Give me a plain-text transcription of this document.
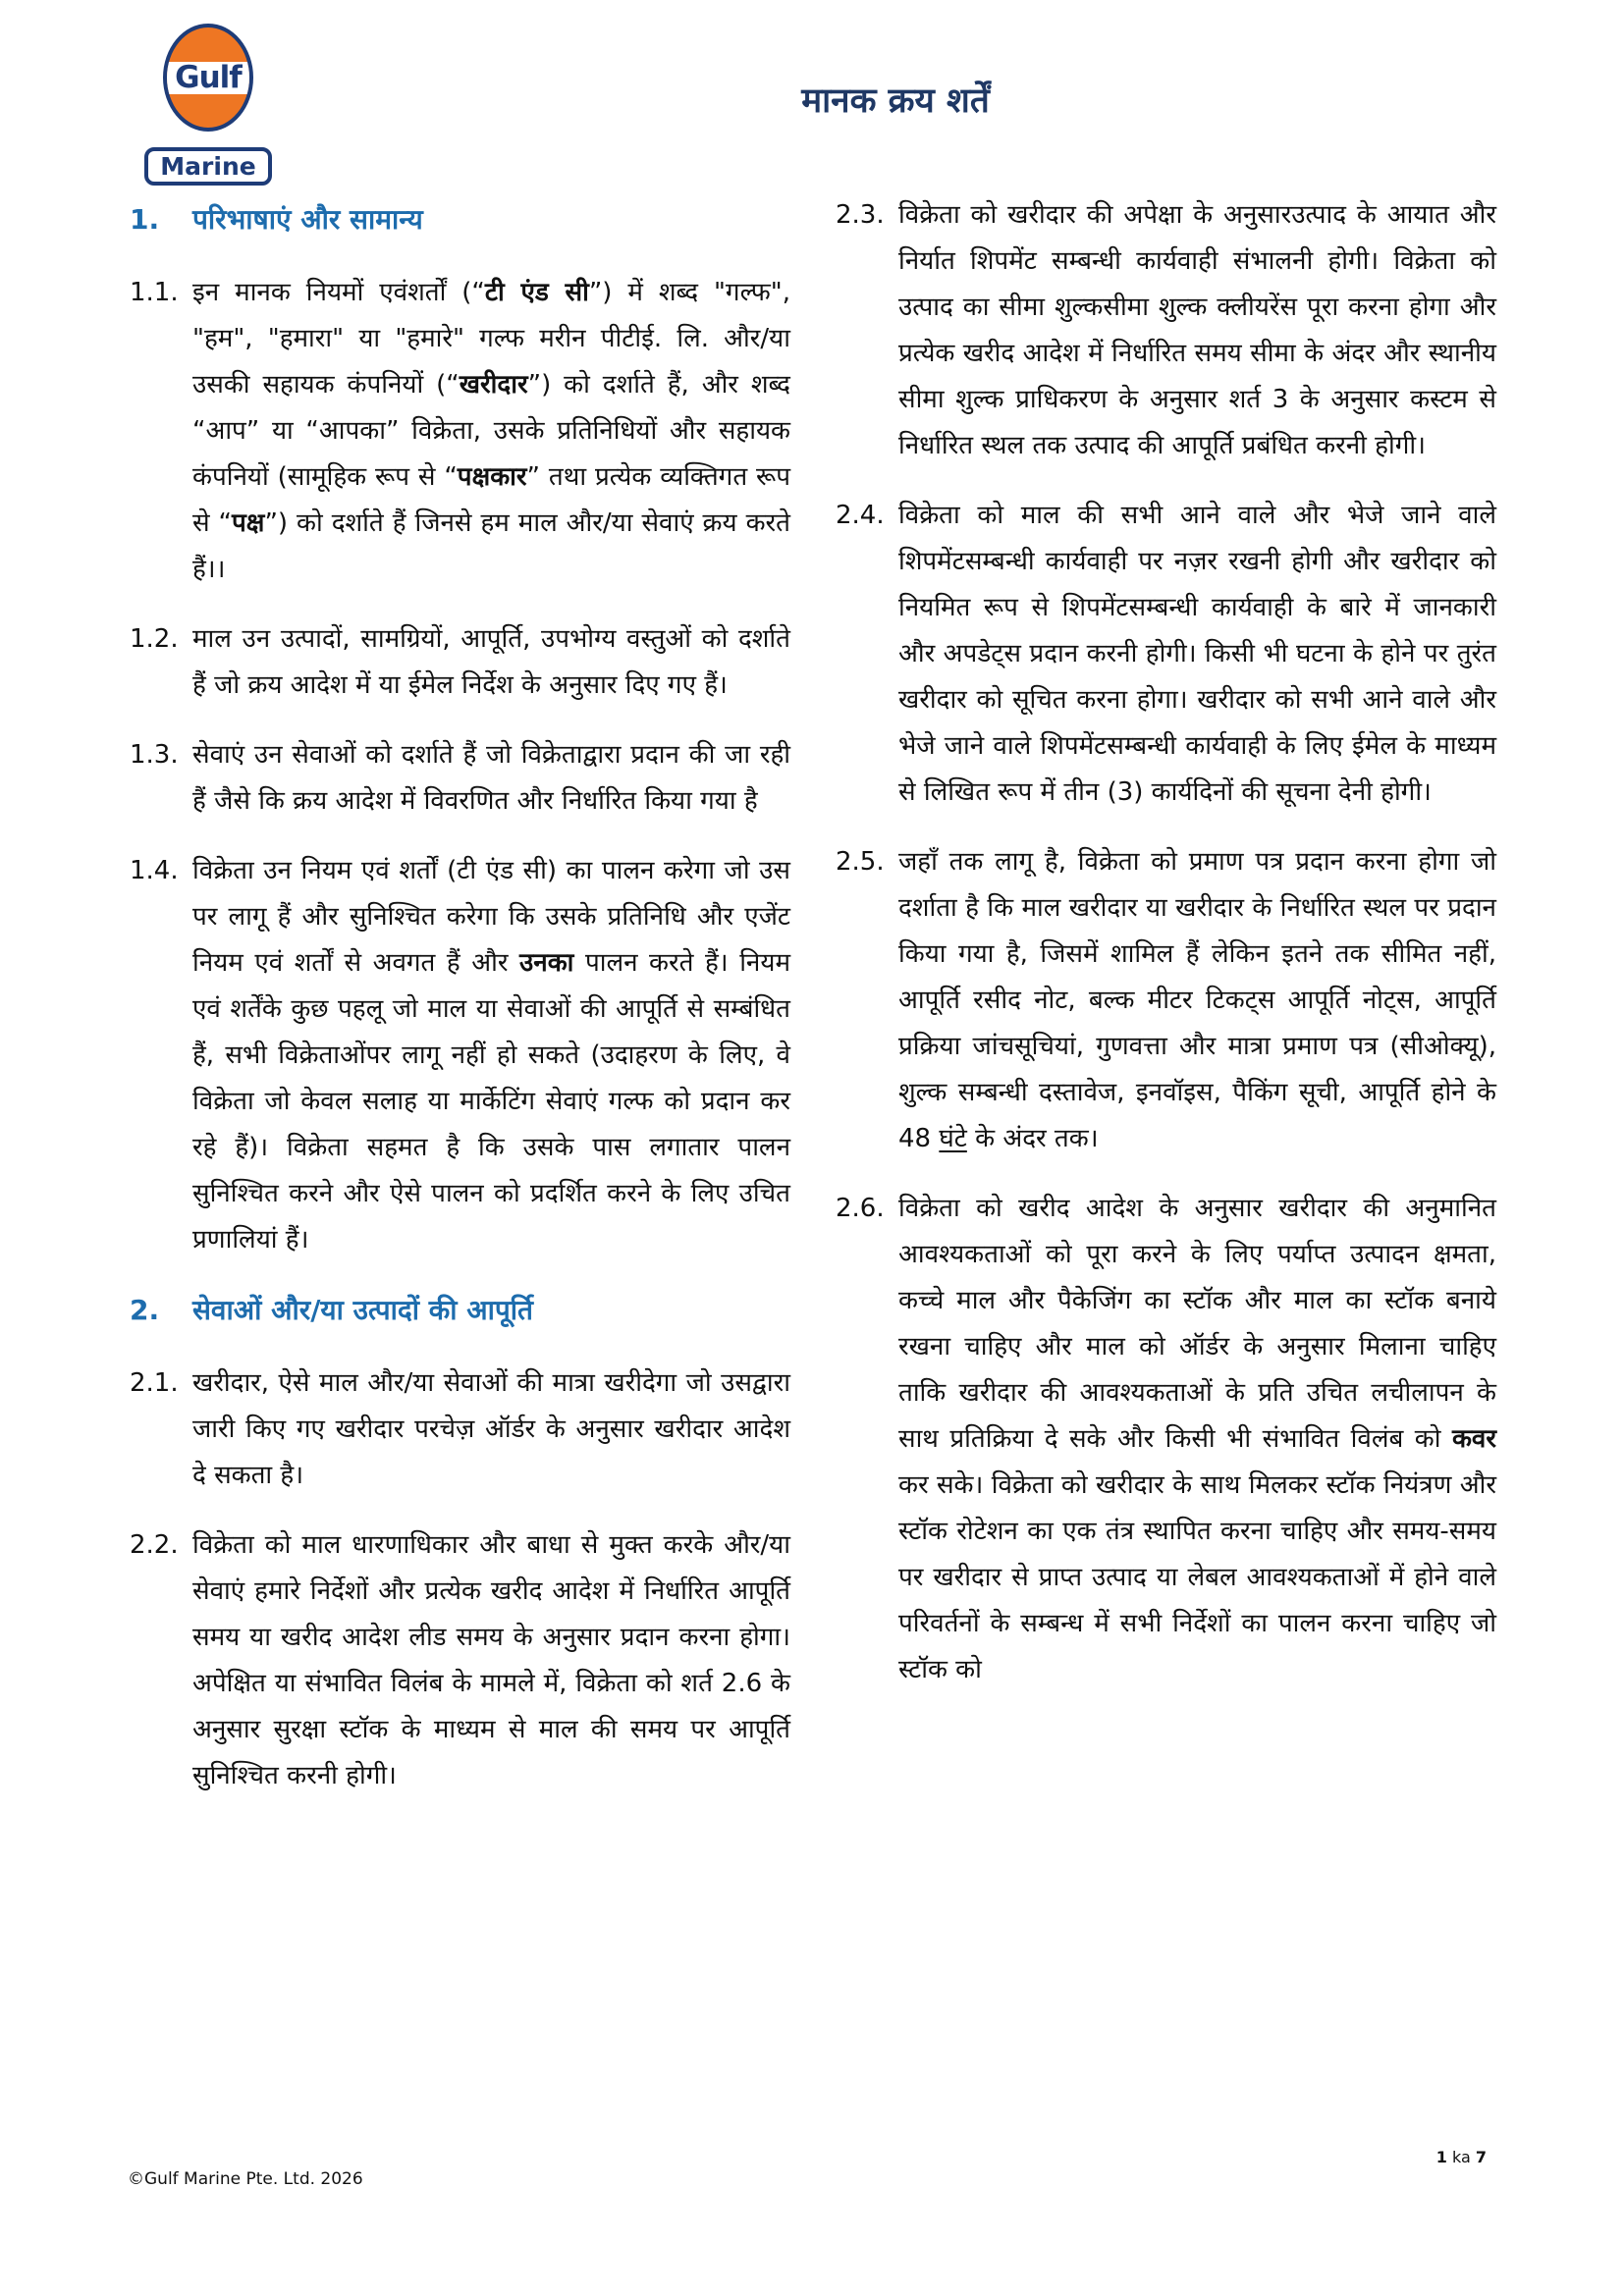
Gulf
Marine
मानक क्रय शर्तें
1.	परिभाषाएं और सामान्य

1.1. इन मानक नियमों एवंशर्तों (“टी एंड सी”) में शब्द "गल्फ", "हम", "हमारा" या "हमारे" गल्फ मरीन पीटीई. लि. और/या उसकी सहायक कंपनियों (“खरीदार”) को दर्शाते हैं, और शब्द “आप” या “आपका” विक्रेता, उसके प्रतिनिधियों और सहायक कंपनियों (सामूहिक रूप से “पक्षकार” तथा प्रत्येक व्यक्तिगत रूप से “पक्ष”) को दर्शाते हैं जिनसे हम माल और/या सेवाएं क्रय करते हैं।।

1.2. माल उन उत्पादों, सामग्रियों, आपूर्ति, उपभोग्य वस्तुओं को दर्शाते हैं जो क्रय आदेश में या ईमेल निर्देश के अनुसार दिए गए हैं।

1.3. सेवाएं उन सेवाओं को दर्शाते हैं जो विक्रेताद्वारा प्रदान की जा रही हैं जैसे कि क्रय आदेश में विवरणित और निर्धारित किया गया है

1.4. विक्रेता उन नियम एवं शर्तों (टी एंड सी) का पालन करेगा जो उस पर लागू हैं और सुनिश्चित करेगा कि उसके प्रतिनिधि और एजेंट नियम एवं शर्तों से अवगत हैं और उनका पालन करते हैं। नियम एवं शर्तेंके कुछ पहलू जो माल या सेवाओं की आपूर्ति से सम्बंधित हैं, सभी विक्रेताओंपर लागू नहीं हो सकते (उदाहरण के लिए, वे विक्रेता जो केवल सलाह या मार्केटिंग सेवाएं गल्फ को प्रदान कर रहे हैं)। विक्रेता सहमत है कि उसके पास लगातार पालन सुनिश्चित करने और ऐसे पालन को प्रदर्शित करने के लिए उचित प्रणालियां हैं।

2.	सेवाओं और/या उत्पादों की आपूर्ति

2.1. खरीदार, ऐसे माल और/या सेवाओं की मात्रा खरीदेगा जो उसद्वारा जारी किए गए खरीदार परचेज़ ऑर्डर के अनुसार खरीदार आदेश दे सकता है।

2.2. विक्रेता को माल धारणाधिकार और बाधा से मुक्त करके और/या सेवाएं हमारे निर्देशों और प्रत्येक खरीद आदेश में निर्धारित आपूर्ति समय या खरीद आदेश लीड समय के अनुसार प्रदान करना होगा। अपेक्षित या संभावित विलंब के मामले में, विक्रेता को शर्त 2.6 के अनुसार सुरक्षा स्टॉक के माध्यम से माल की समय पर आपूर्ति सुनिश्चित करनी होगी।

2.3. विक्रेता को खरीदार की अपेक्षा के अनुसारउत्पाद के आयात और निर्यात शिपमेंट सम्बन्धी कार्यवाही संभालनी होगी। विक्रेता को उत्पाद का सीमा शुल्कसीमा शुल्क क्लीयरेंस पूरा करना होगा और प्रत्येक खरीद आदेश में निर्धारित समय सीमा के अंदर और स्थानीय सीमा शुल्क प्राधिकरण के अनुसार शर्त 3 के अनुसार कस्टम से निर्धारित स्थल तक उत्पाद की आपूर्ति प्रबंधित करनी होगी।

2.4. विक्रेता को माल की सभी आने वाले और भेजे जाने वाले शिपमेंटसम्बन्धी कार्यवाही पर नज़र रखनी होगी और खरीदार को नियमित रूप से शिपमेंटसम्बन्धी कार्यवाही के बारे में जानकारी और अपडेट्स प्रदान करनी होगी। किसी भी घटना के होने पर तुरंत खरीदार को सूचित करना होगा। खरीदार को सभी आने वाले और भेजे जाने वाले शिपमेंटसम्बन्धी कार्यवाही के लिए ईमेल के माध्यम से लिखित रूप में तीन (3) कार्यदिनों की सूचना देनी होगी।

2.5. जहाँ तक लागू है, विक्रेता को प्रमाण पत्र प्रदान करना होगा जो दर्शाता है कि माल खरीदार या खरीदार के निर्धारित स्थल पर प्रदान किया गया है, जिसमें शामिल हैं लेकिन इतने तक सीमित नहीं, आपूर्ति रसीद नोट, बल्क मीटर टिकट्स आपूर्ति नोट्स, आपूर्ति प्रक्रिया जांचसूचियां, गुणवत्ता और मात्रा प्रमाण पत्र (सीओक्यू), शुल्क सम्बन्धी दस्तावेज, इनवॉइस, पैकिंग सूची, आपूर्ति होने के 48 घंटे के अंदर तक।

2.6. विक्रेता को खरीद आदेश के अनुसार खरीदार की अनुमानित आवश्यकताओं को पूरा करने के लिए पर्याप्त उत्पादन क्षमता, कच्चे माल और पैकेजिंग का स्टॉक और माल का स्टॉक बनाये रखना चाहिए और माल को ऑर्डर के अनुसार मिलाना चाहिए ताकि खरीदार की आवश्यकताओं के प्रति उचित लचीलापन के साथ प्रतिक्रिया दे सके और किसी भी संभावित विलंब को कवर कर सके। विक्रेता को खरीदार के साथ मिलकर स्टॉक नियंत्रण और स्टॉक रोटेशन का एक तंत्र स्थापित करना चाहिए और समय-समय पर खरीदार से प्राप्त उत्पाद या लेबल आवश्यकताओं में होने वाले परिवर्तनों के सम्बन्ध में सभी निर्देशों का पालन करना चाहिए जो स्टॉक को

©Gulf Marine Pte. Ltd. 2026
1 ka 7
